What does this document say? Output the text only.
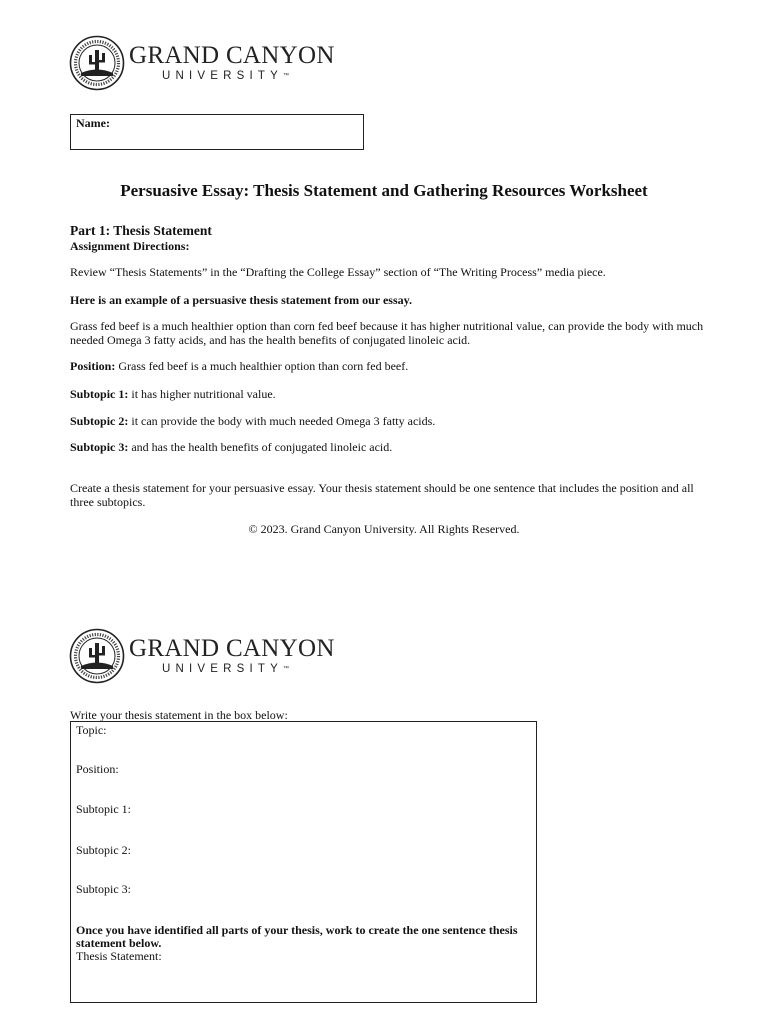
GRAND CANYON
UNIVERSITY™
Name:
Persuasive Essay: Thesis Statement and Gathering Resources Worksheet
Part 1: Thesis Statement
Assignment Directions:
Review “Thesis Statements” in the “Drafting the College Essay” section of “The Writing Process” media piece.
Here is an example of a persuasive thesis statement from our essay.
Grass fed beef is a much healthier option than corn fed beef because it has higher nutritional value, can provide the body with much
needed Omega 3 fatty acids, and has the health benefits of conjugated linoleic acid.
Position: Grass fed beef is a much healthier option than corn fed beef.
Subtopic 1: it has higher nutritional value.
Subtopic 2: it can provide the body with much needed Omega 3 fatty acids.
Subtopic 3: and has the health benefits of conjugated linoleic acid.
Create a thesis statement for your persuasive essay. Your thesis statement should be one sentence that includes the position and all
three subtopics.
© 2023. Grand Canyon University. All Rights Reserved.
GRAND CANYON
UNIVERSITY™
Write your thesis statement in the box below:
Topic:
Position:
Subtopic 1:
Subtopic 2:
Subtopic 3:
Once you have identified all parts of your thesis, work to create the one sentence thesis
statement below.
Thesis Statement:
